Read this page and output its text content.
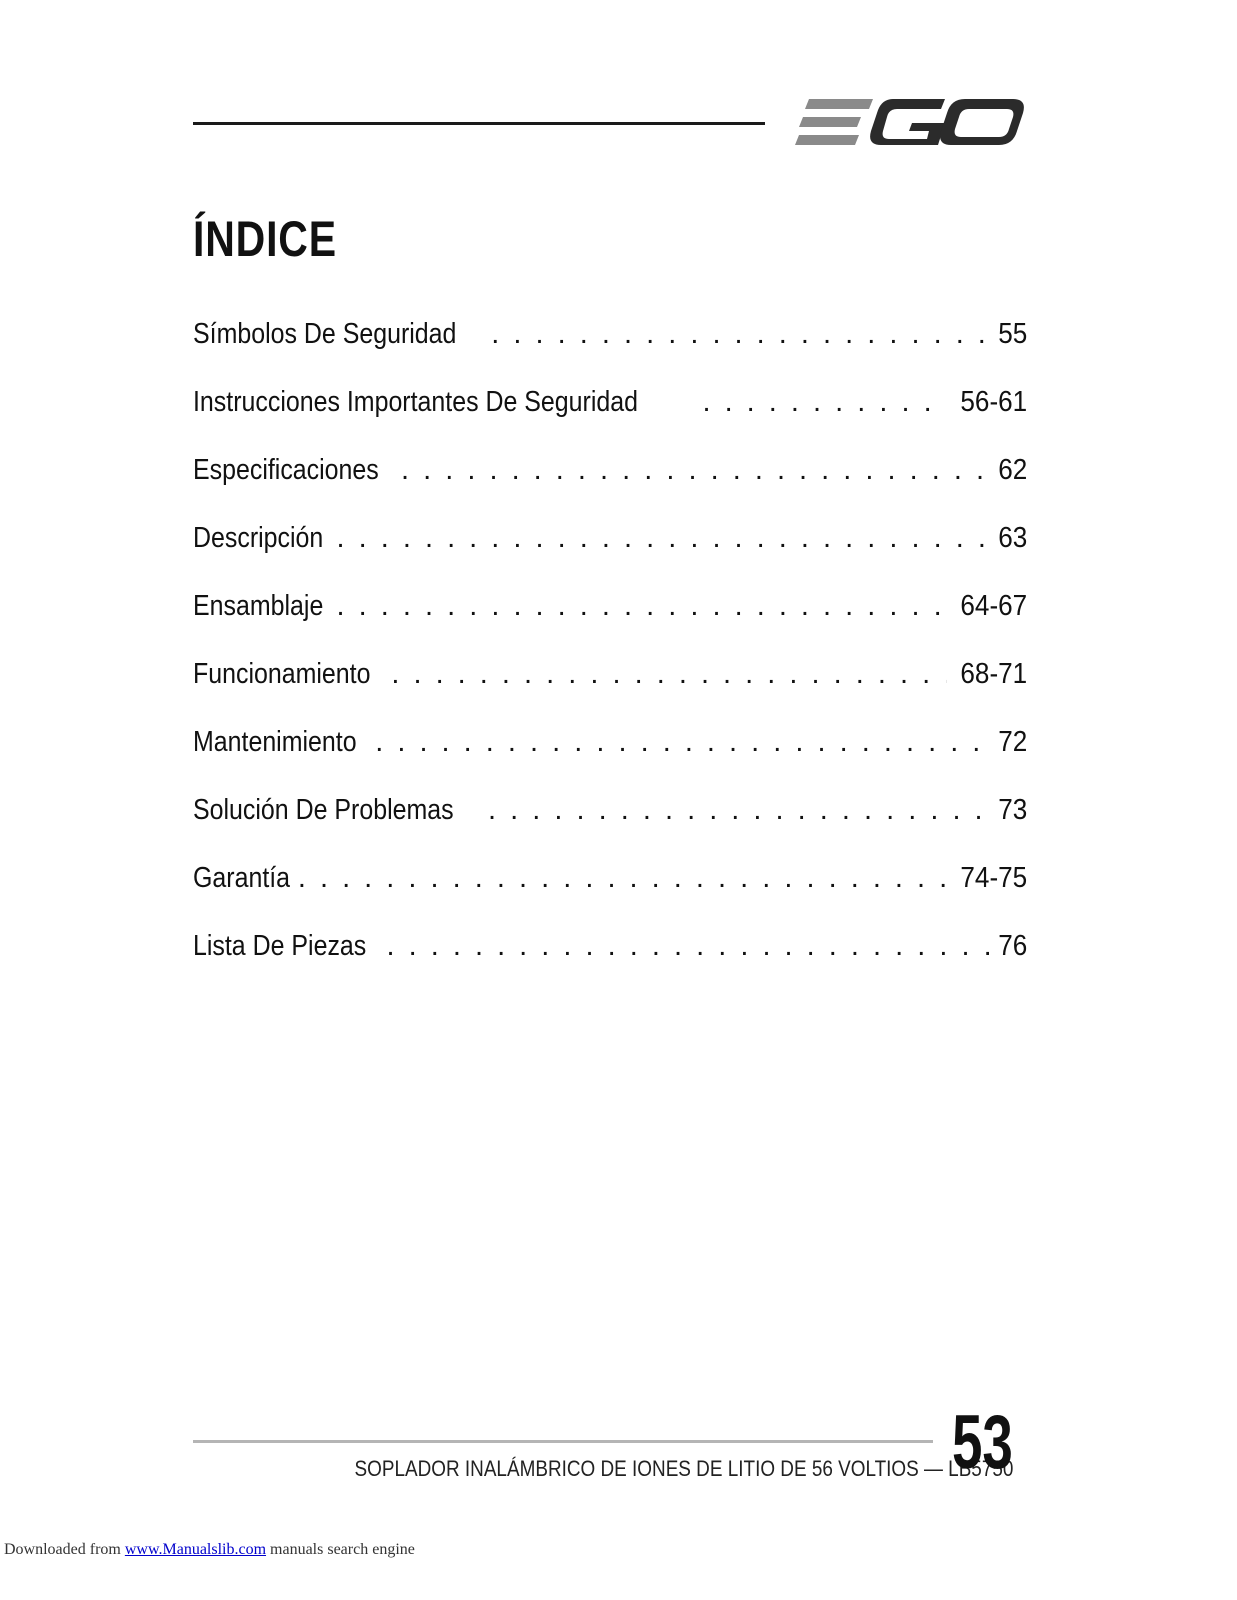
ÍNDICE
Símbolos De Seguridad . . .	55
Instrucciones Importantes De Seguridad . . .	56-61
Especificaciones . . .	62
Descripción . . .	63
Ensamblaje . . .	64-67
Funcionamiento . . .	68-71
Mantenimiento . . .	72
Solución De Problemas . . .	73
Garantía . . .	74-75
Lista De Piezas . . .	76
SOPLADOR INALÁMBRICO DE IONES DE LITIO DE 56 VOLTIOS — LB5750
53
Downloaded from www.Manualslib.com manuals search engine
